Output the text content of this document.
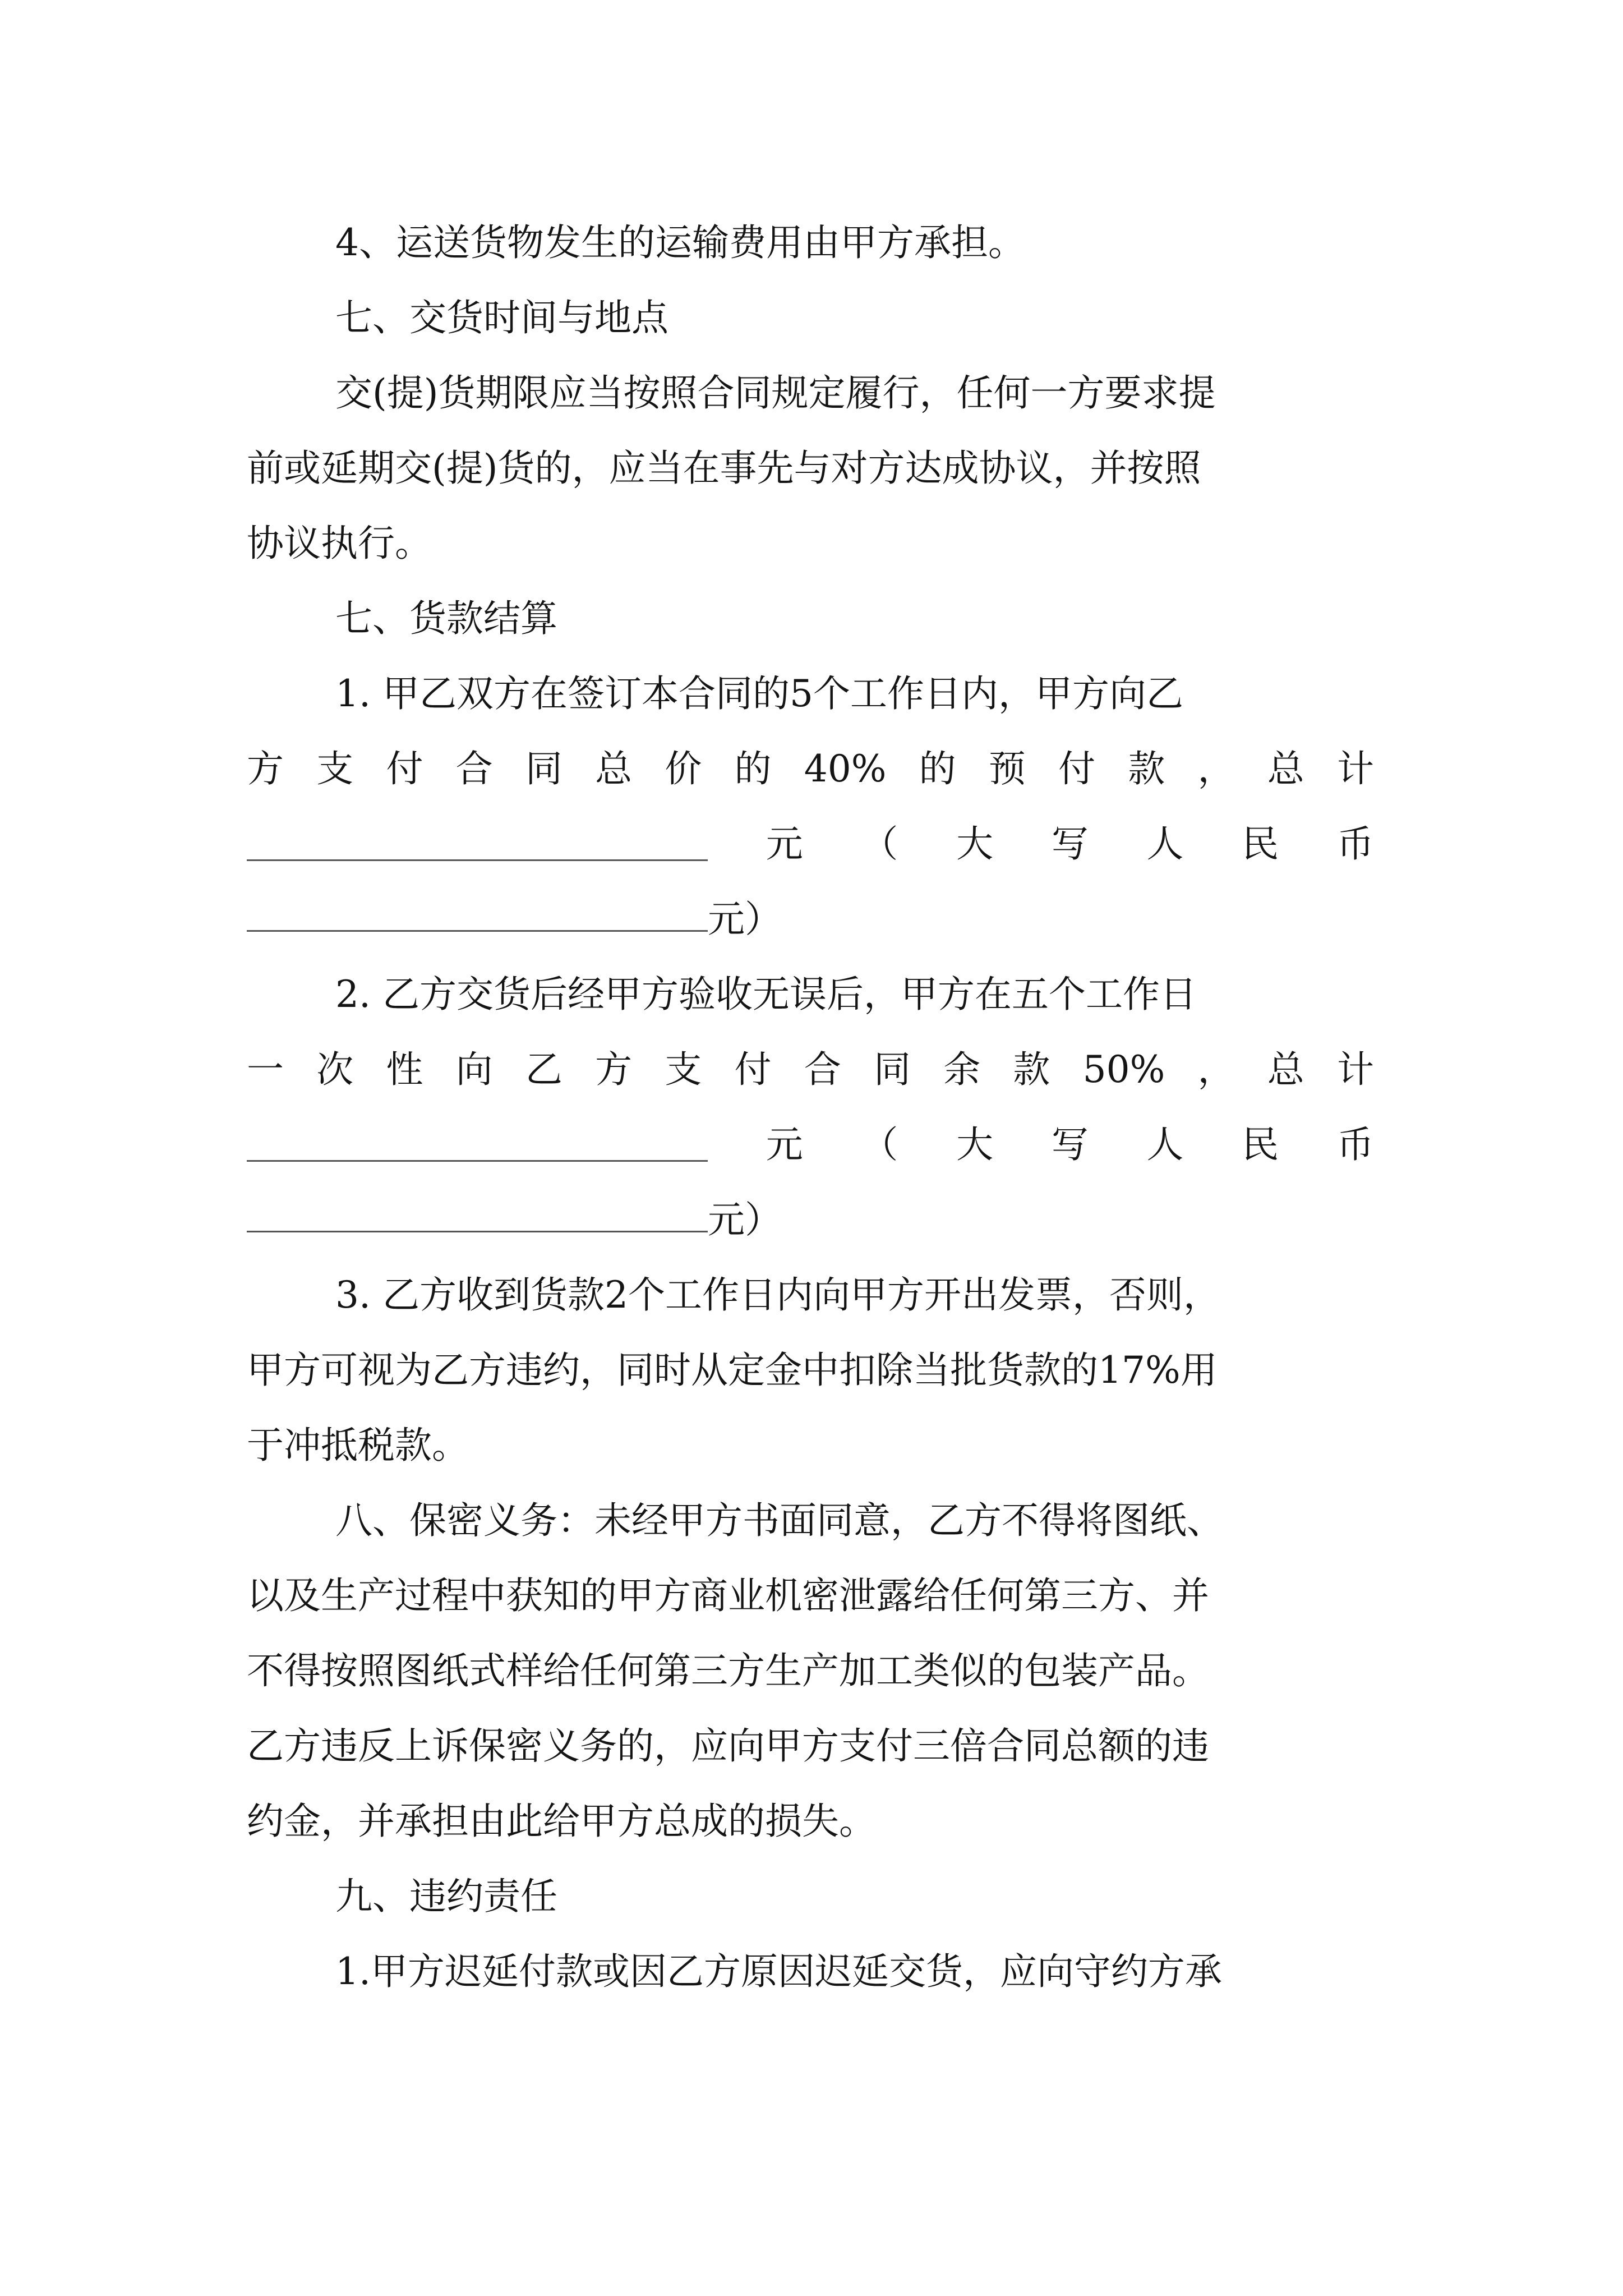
4、运送货物发生的运输费用由甲方承担。
七、交货时间与地点
交(提)货期限应当按照合同规定履行，任何一方要求提
前或延期交(提)货的，应当在事先与对方达成协议，并按照
协议执行。
七、货款结算
1. 甲乙双方在签订本合同的5个工作日内，甲方向乙
方 支 付 合 同 总 价 的 40% 的 预 付 款 ， 总 计
元 （ 大 写 人 民 币
元）
2. 乙方交货后经甲方验收无误后，甲方在五个工作日
一 次 性 向 乙 方 支 付 合 同 余 款 50% ， 总 计
元 （ 大 写 人 民 币
元）
3. 乙方收到货款2个工作日内向甲方开出发票，否则，
甲方可视为乙方违约，同时从定金中扣除当批货款的17%用
于冲抵税款。
八、保密义务：未经甲方书面同意，乙方不得将图纸、
以及生产过程中获知的甲方商业机密泄露给任何第三方、并
不得按照图纸式样给任何第三方生产加工类似的包装产品。
乙方违反上诉保密义务的，应向甲方支付三倍合同总额的违
约金，并承担由此给甲方总成的损失。
九、违约责任
1.甲方迟延付款或因乙方原因迟延交货，应向守约方承
